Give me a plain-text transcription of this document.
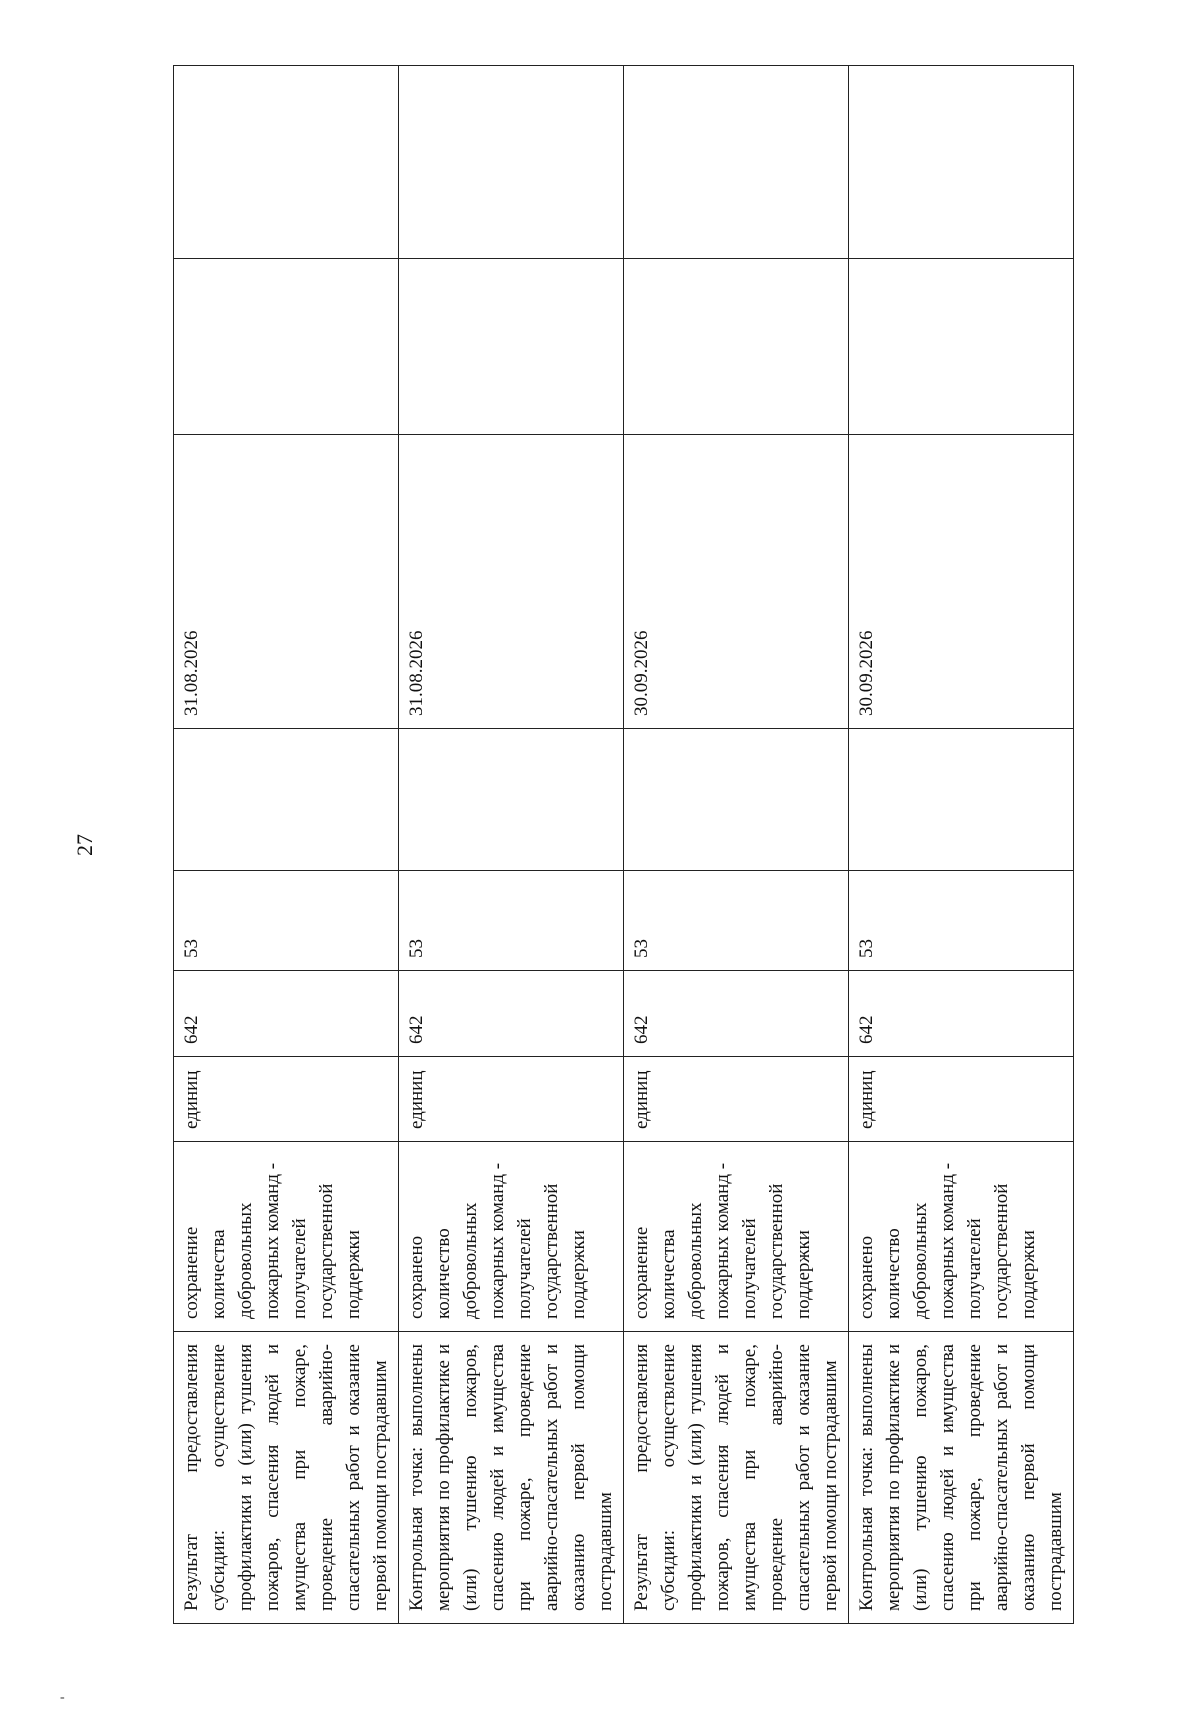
27
-
Результат предоставления субсидии: осуществление профилактики и (или) тушения пожаров, спасения людей и имущества при пожаре, проведение аварийно-спасательных работ и оказание первой помощи пострадавшим	сохранение количества добровольных пожарных команд - получателей государственной поддержки	единиц	642	53		31.08.2026		
Контрольная точка: выполнены мероприятия по профилактике и (или) тушению пожаров, спасению людей и имущества при пожаре, проведение аварийно-спасательных работ и оказанию первой помощи пострадавшим	сохранено количество добровольных пожарных команд - получателей государственной поддержки	единиц	642	53		31.08.2026		
Результат предоставления субсидии: осуществление профилактики и (или) тушения пожаров, спасения людей и имущества при пожаре, проведение аварийно-спасательных работ и оказание первой помощи пострадавшим	сохранение количества добровольных пожарных команд - получателей государственной поддержки	единиц	642	53		30.09.2026		
Контрольная точка: выполнены мероприятия по профилактике и (или) тушению пожаров, спасению людей и имущества при пожаре, проведение аварийно-спасательных работ и оказанию первой помощи пострадавшим	сохранено количество добровольных пожарных команд - получателей государственной поддержки	единиц	642	53		30.09.2026		
